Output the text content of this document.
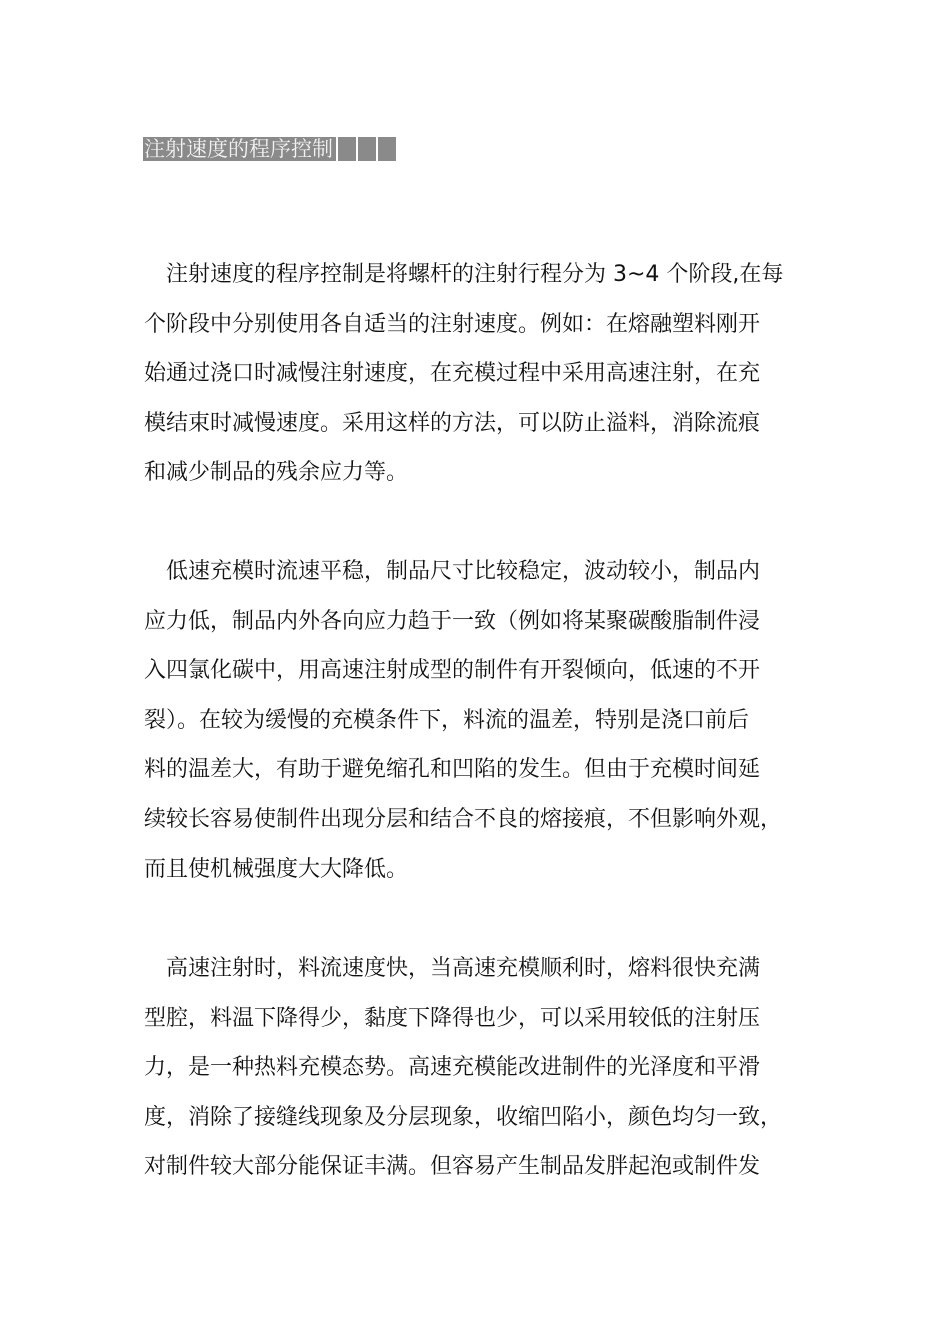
注射速度的程序控制
　注射速度的程序控制是将螺杆的注射行程分为 3~4 个阶段,在每
个阶段中分别使用各自适当的注射速度。例如：在熔融塑料刚开
始通过浇口时减慢注射速度，在充模过程中采用高速注射，在充
模结束时减慢速度。采用这样的方法，可以防止溢料，消除流痕
和减少制品的残余应力等。
　低速充模时流速平稳，制品尺寸比较稳定，波动较小，制品内
应力低，制品内外各向应力趋于一致（例如将某聚碳酸脂制件浸
入四氯化碳中，用高速注射成型的制件有开裂倾向，低速的不开
裂）。在较为缓慢的充模条件下，料流的温差，特别是浇口前后
料的温差大，有助于避免缩孔和凹陷的发生。但由于充模时间延
续较长容易使制件出现分层和结合不良的熔接痕，不但影响外观，
而且使机械强度大大降低。
　高速注射时，料流速度快，当高速充模顺利时，熔料很快充满
型腔，料温下降得少，黏度下降得也少，可以采用较低的注射压
力，是一种热料充模态势。高速充模能改进制件的光泽度和平滑
度，消除了接缝线现象及分层现象，收缩凹陷小，颜色均匀一致，
对制件较大部分能保证丰满。但容易产生制品发胖起泡或制件发
